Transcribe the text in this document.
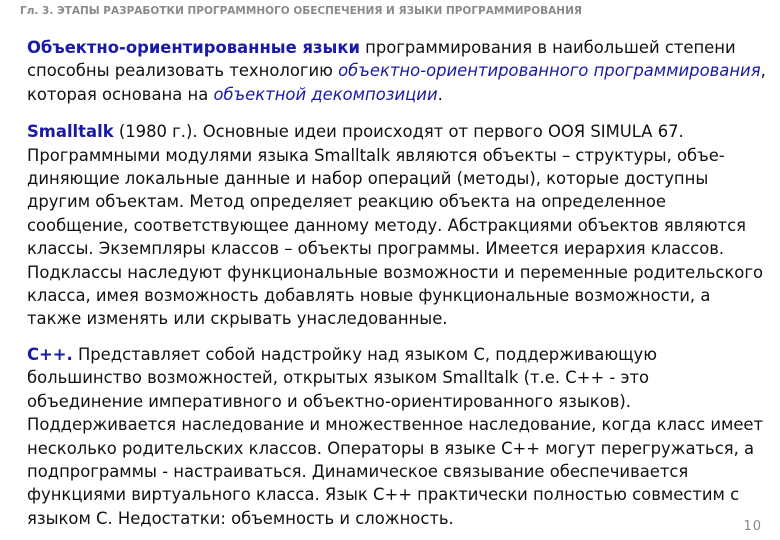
Гл. 3. ЭТАПЫ РАЗРАБОТКИ ПРОГРАММНОГО ОБЕСПЕЧЕНИЯ И ЯЗЫКИ ПРОГРАММИРОВАНИЯ

Объектно-ориентированные языки программирования в наибольшей степени способны реализовать технологию объектно-ориентированного программирования, которая основана на объектной декомпозиции.

Smalltalk (1980 г.). Основные идеи происходят от первого ООЯ SIMULA 67. Программными модулями языка Smalltalk являются объекты – структуры, объе-диняющие локальные данные и набор операций (методы), которые доступны другим объектам. Метод определяет реакцию объекта на определенное сообщение, соответствующее данному методу. Абстракциями объектов являются классы. Экземпляры классов – объекты программы. Имеется иерархия классов. Подклассы наследуют функциональные возможности и переменные родительского класса, имея возможность добавлять новые функциональные возможности, а также изменять или скрывать унаследованные.

C++. Представляет собой надстройку над языком С, поддерживающую большинство возможностей, открытых языком Smalltalk (т.е. С++ - это объединение императивного и объектно-ориентированного языков). Поддерживается наследование и множественное наследование, когда класс имеет несколько родительских классов. Операторы в языке С++ могут перегружаться, а подпрограммы - настраиваться. Динамическое связывание обеспечивается функциями виртуального класса. Язык С++ практически полностью совместим с языком С. Недостатки: объемность и сложность.	10
